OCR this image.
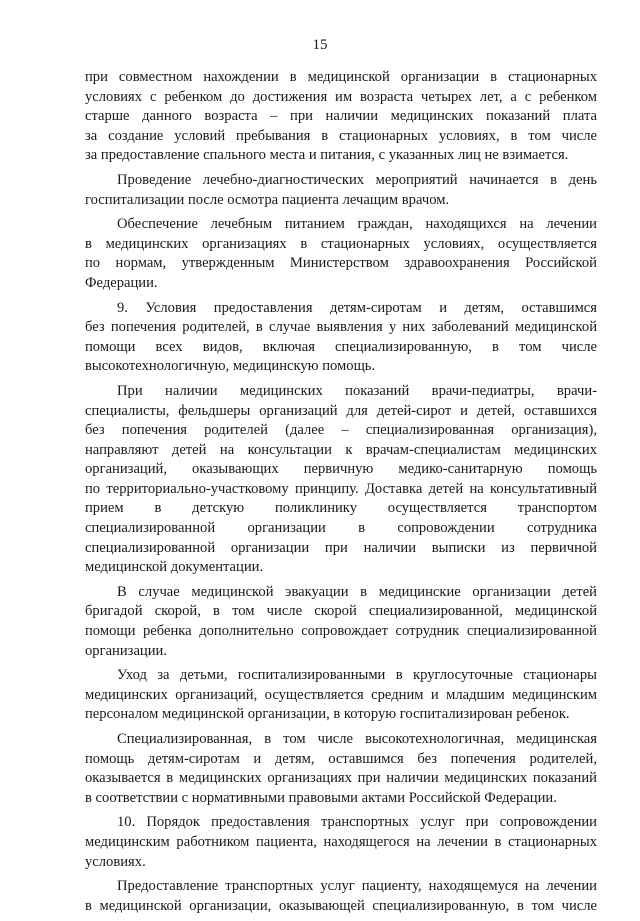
15
при совместном нахождении в медицинской организации в стационарных
условиях с ребенком до достижения им возраста четырех лет, а с ребенком
старше данного возраста – при наличии медицинских показаний плата
за создание условий пребывания в стационарных условиях, в том числе
за предоставление спального места и питания, с указанных лиц не взимается.
Проведение лечебно-диагностических мероприятий начинается в день
госпитализации после осмотра пациента лечащим врачом.
Обеспечение лечебным питанием граждан, находящихся на лечении
в медицинских организациях в стационарных условиях, осуществляется
по нормам, утвержденным Министерством здравоохранения Российской
Федерации.
9. Условия предоставления детям-сиротам и детям, оставшимся
без попечения родителей, в случае выявления у них заболеваний медицинской
помощи всех видов, включая специализированную, в том числе
высокотехнологичную, медицинскую помощь.
При наличии медицинских показаний врачи-педиатры, врачи-
специалисты, фельдшеры организаций для детей-сирот и детей, оставшихся
без попечения родителей (далее – специализированная организация),
направляют детей на консультации к врачам-специалистам медицинских
организаций, оказывающих первичную медико-санитарную помощь
по территориально-участковому принципу. Доставка детей на консультативный
прием в детскую поликлинику осуществляется транспортом
специализированной организации в сопровождении сотрудника
специализированной организации при наличии выписки из первичной
медицинской документации.
В случае медицинской эвакуации в медицинские организации детей
бригадой скорой, в том числе скорой специализированной, медицинской
помощи ребенка дополнительно сопровождает сотрудник специализированной
организации.
Уход за детьми, госпитализированными в круглосуточные стационары
медицинских организаций, осуществляется средним и младшим медицинским
персоналом медицинской организации, в которую госпитализирован ребенок.
Специализированная, в том числе высокотехнологичная, медицинская
помощь детям-сиротам и детям, оставшимся без попечения родителей,
оказывается в медицинских организациях при наличии медицинских показаний
в соответствии с нормативными правовыми актами Российской Федерации.
10. Порядок предоставления транспортных услуг при сопровождении
медицинским работником пациента, находящегося на лечении в стационарных
условиях.
Предоставление транспортных услуг пациенту, находящемуся на лечении
в медицинской организации, оказывающей специализированную, в том числе
